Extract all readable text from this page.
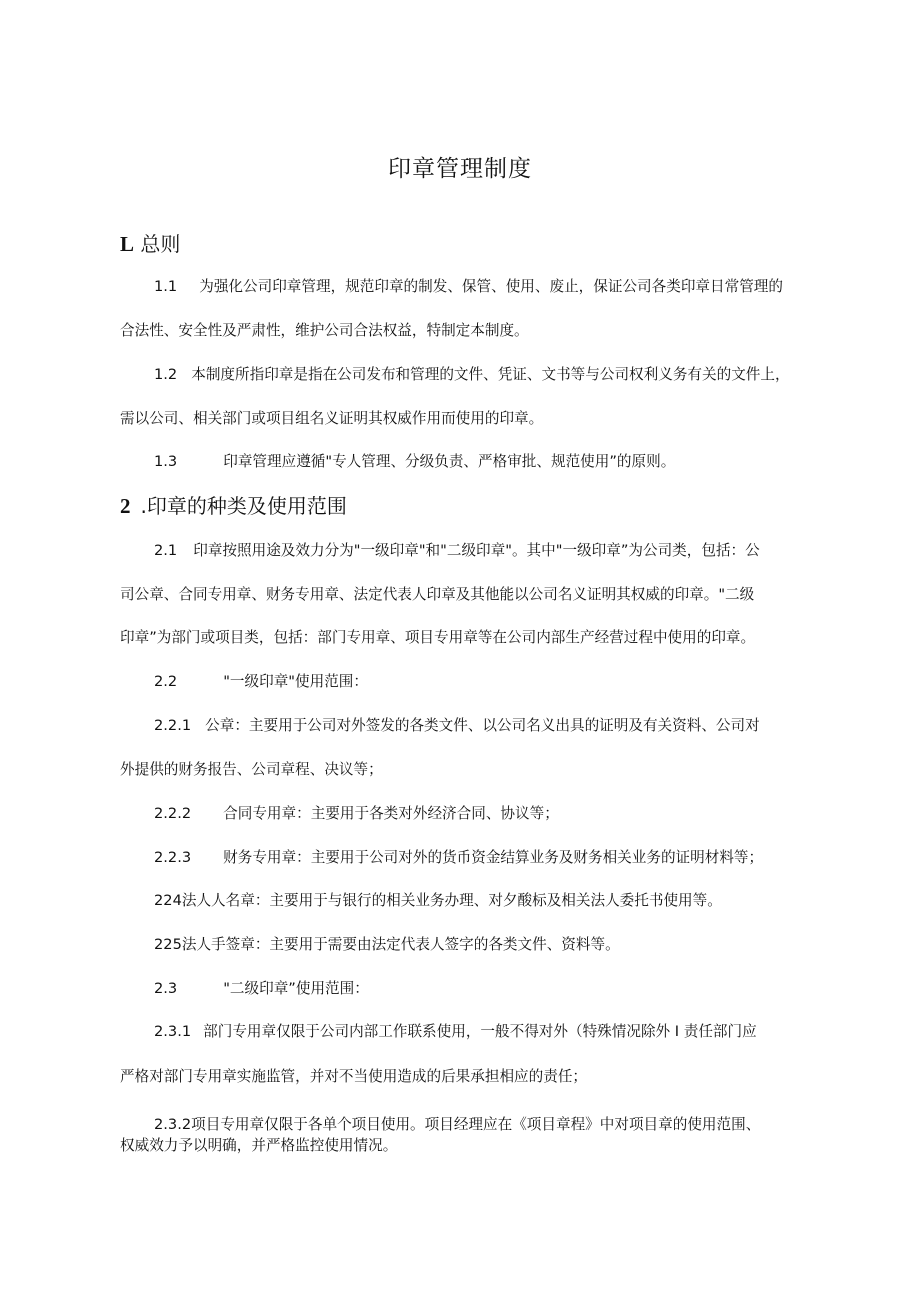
印章管理制度
L 总则
1.1 为强化公司印章管理，规范印章的制发、保管、使用、废止，保证公司各类印章日常管理的
合法性、安全性及严肃性，维护公司合法权益，特制定本制度。
1.2 本制度所指印章是指在公司发布和管理的文件、凭证、文书等与公司权利义务有关的文件上，
需以公司、相关部门或项目组名义证明其权威作用而使用的印章。
1.3	印章管理应遵循"专人管理、分级负责、严格审批、规范使用”的原则。
2 .印章的种类及使用范围
2.1 印章按照用途及效力分为"一级印章"和"二级印章"。其中"一级印章”为公司类，包括：公
司公章、合同专用章、财务专用章、法定代表人印章及其他能以公司名义证明其权威的印章。"二级
印章”为部门或项目类，包括：部门专用章、项目专用章等在公司内部生产经营过程中使用的印章。
2.2	"一级印章"使用范围：
2.2.1 公章：主要用于公司对外签发的各类文件、以公司名义出具的证明及有关资料、公司对
外提供的财务报告、公司章程、决议等；
2.2.2 合同专用章：主要用于各类对外经济合同、协议等；
2.2.3 财务专用章：主要用于公司对外的货币资金结算业务及财务相关业务的证明材料等；
224法人人名章：主要用于与银行的相关业务办理、对夕酸标及相关法人委托书使用等。
225法人手签章：主要用于需要由法定代表人签字的各类文件、资料等。
2.3	"二级印章”使用范围：
2.3.1 部门专用章仅限于公司内部工作联系使用，一般不得对外（特殊情况除外 I 责任部门应
严格对部门专用章实施监管，并对不当使用造成的后果承担相应的责任；
2.3.2项目专用章仅限于各单个项目使用。项目经理应在《项目章程》中对项目章的使用范围、
权威效力予以明确，并严格监控使用情况。
